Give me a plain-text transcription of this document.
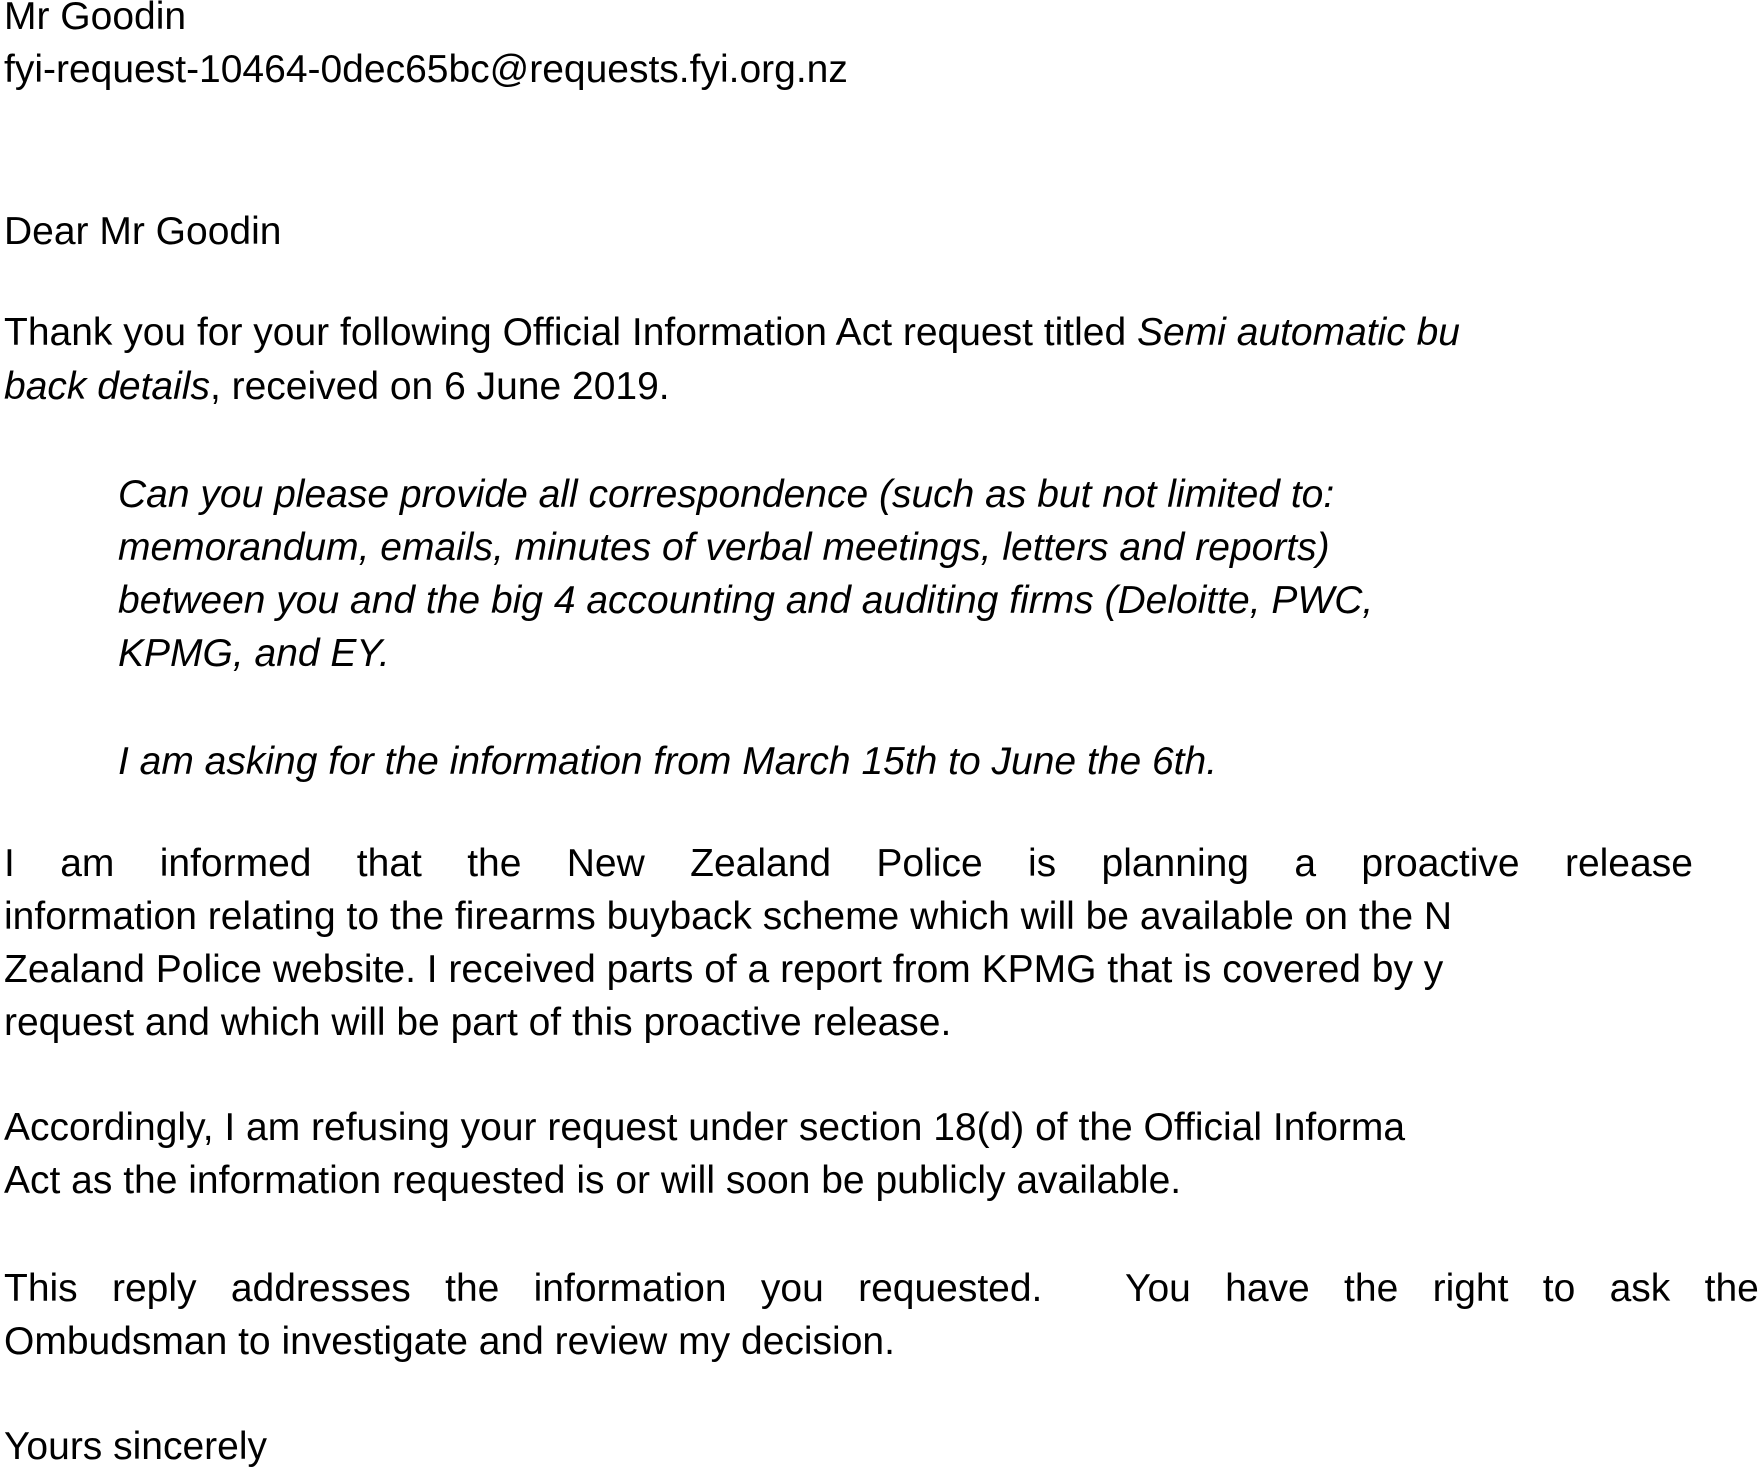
Mr Goodin
fyi-request-10464-0dec65bc@requests.fyi.org.nz
Dear Mr Goodin
Thank you for your following Official Information Act request titled Semi automatic bu
back details, received on 6 June 2019.
Can you please provide all correspondence (such as but not limited to:
memorandum, emails, minutes of verbal meetings, letters and reports)
between you and the big 4 accounting and auditing firms (Deloitte, PWC,
KPMG, and EY.
I am asking for the information from March 15th to June the 6th.
I am informed that the New Zealand Police is planning a proactive release
information relating to the firearms buyback scheme which will be available on the N
Zealand Police website. I received parts of a report from KPMG that is covered by y
request and which will be part of this proactive release.
Accordingly, I am refusing your request under section 18(d) of the Official Informa
Act as the information requested is or will soon be publicly available.
This reply addresses the information you requested. You have the right to ask the
Ombudsman to investigate and review my decision.
Yours sincerely
